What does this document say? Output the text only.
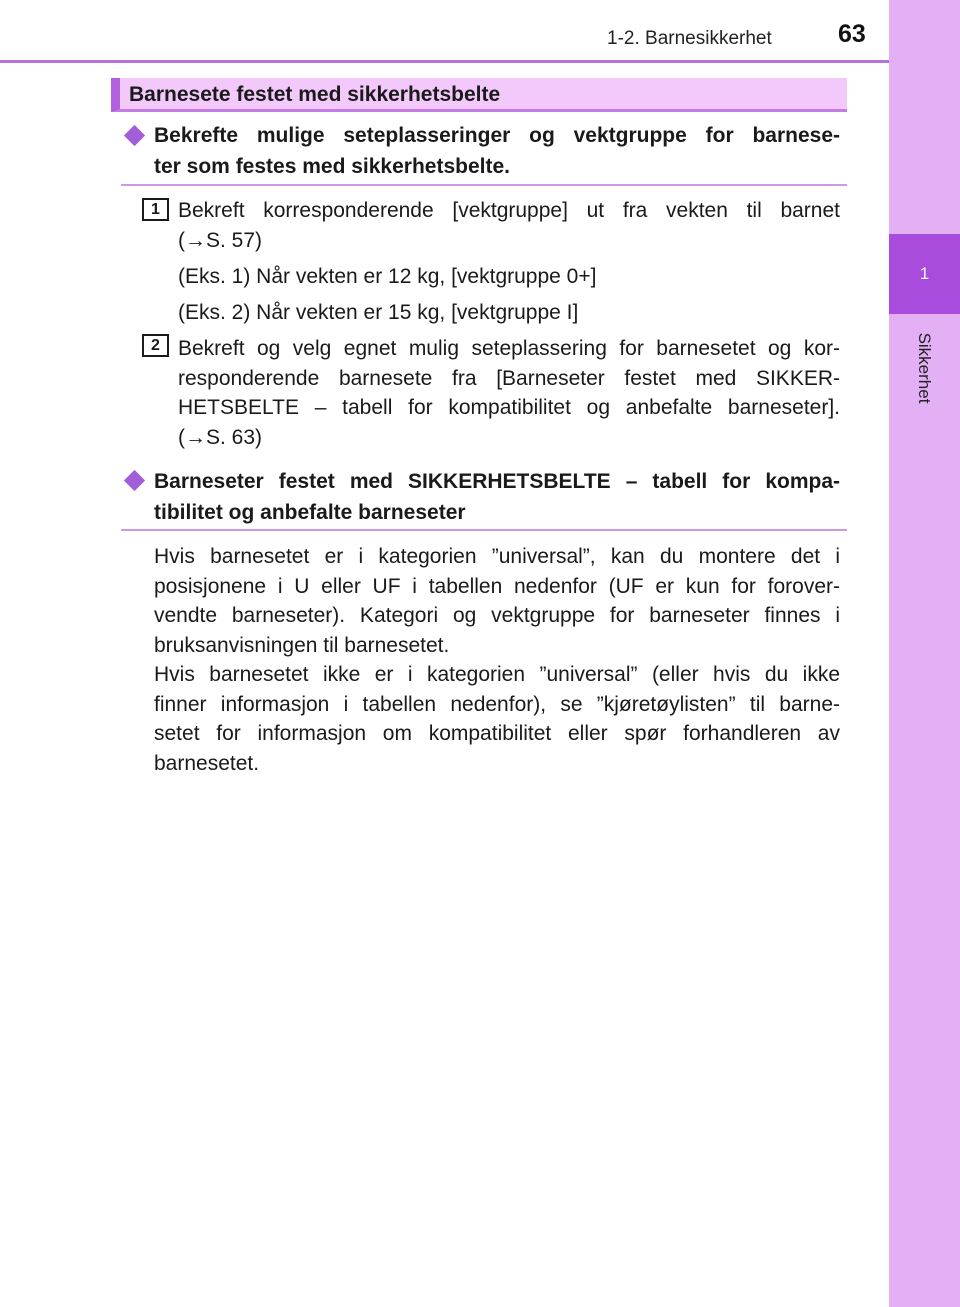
1
Sikkerhet
1-2. Barnesikkerhet	63
Barnesete festet med sikkerhetsbelte
Bekrefte mulige seteplasseringer og vektgruppe for barnese-
ter som festes med sikkerhetsbelte.
1 Bekreft korresponderende [vektgruppe] ut fra vekten til barnet
(→S. 57)
(Eks. 1) Når vekten er 12 kg, [vektgruppe 0+]
(Eks. 2) Når vekten er 15 kg, [vektgruppe I]
2 Bekreft og velg egnet mulig seteplassering for barnesetet og kor-
responderende barnesete fra [Barneseter festet med SIKKER-
HETSBELTE – tabell for kompatibilitet og anbefalte barneseter].
(→S. 63)
Barneseter festet med SIKKERHETSBELTE – tabell for kompa-
tibilitet og anbefalte barneseter
Hvis barnesetet er i kategorien ”universal”, kan du montere det i
posisjonene i U eller UF i tabellen nedenfor (UF er kun for forover-
vendte barneseter). Kategori og vektgruppe for barneseter finnes i
bruksanvisningen til barnesetet.
Hvis barnesetet ikke er i kategorien ”universal” (eller hvis du ikke
finner informasjon i tabellen nedenfor), se ”kjøretøylisten” til barne-
setet for informasjon om kompatibilitet eller spør forhandleren av
barnesetet.
